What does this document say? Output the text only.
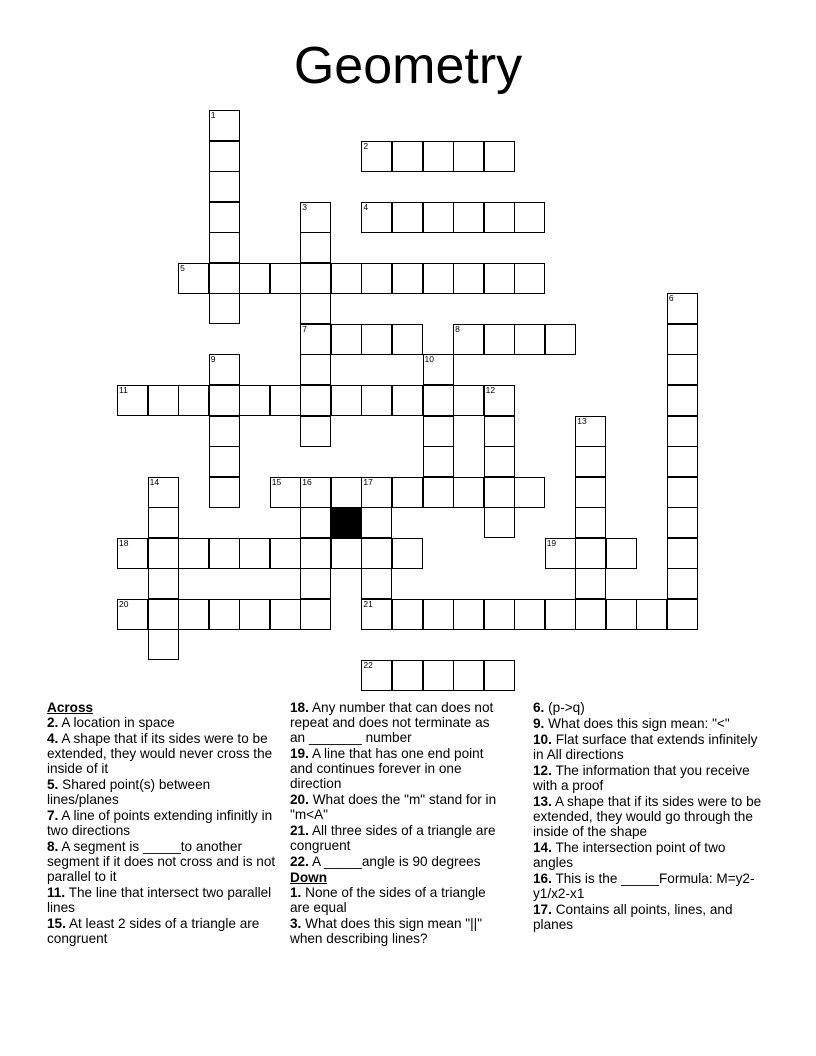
Geometry
1
2
3
7
4
5
6
8
9	10
11	12
13
14	15 16	17
21
18	19
20
22
Across

2. A location in space

4. A shape that if its sides were to be extended, they would never cross the inside of it

5. Shared point(s) between lines/planes

7. A line of points extending infinitly in two directions

8. A segment is _____to another segment if it does not cross and is not parallel to it

11. The line that intersect two parallel lines

15. At least 2 sides of a triangle are congruent

18. Any number that can does not repeat and does not terminate as an _______ number

19. A line that has one end point and continues forever in one direction

20. What does the "m" stand for in "m<A"

21. All three sides of a triangle are congruent

22. A _____angle is 90 degrees

Down

1. None of the sides of a triangle are equal

3. What does this sign mean "||" when describing lines?

6. (p->q)

9. What does this sign mean: "<"

10. Flat surface that extends infinitely in All directions

12. The information that you receive with a proof

13. A shape that if its sides were to be extended, they would go through the inside of the shape

14. The intersection point of two angles

16. This is the _____Formula: M=y2-y1/x2-x1

17. Contains all points, lines, and planes
